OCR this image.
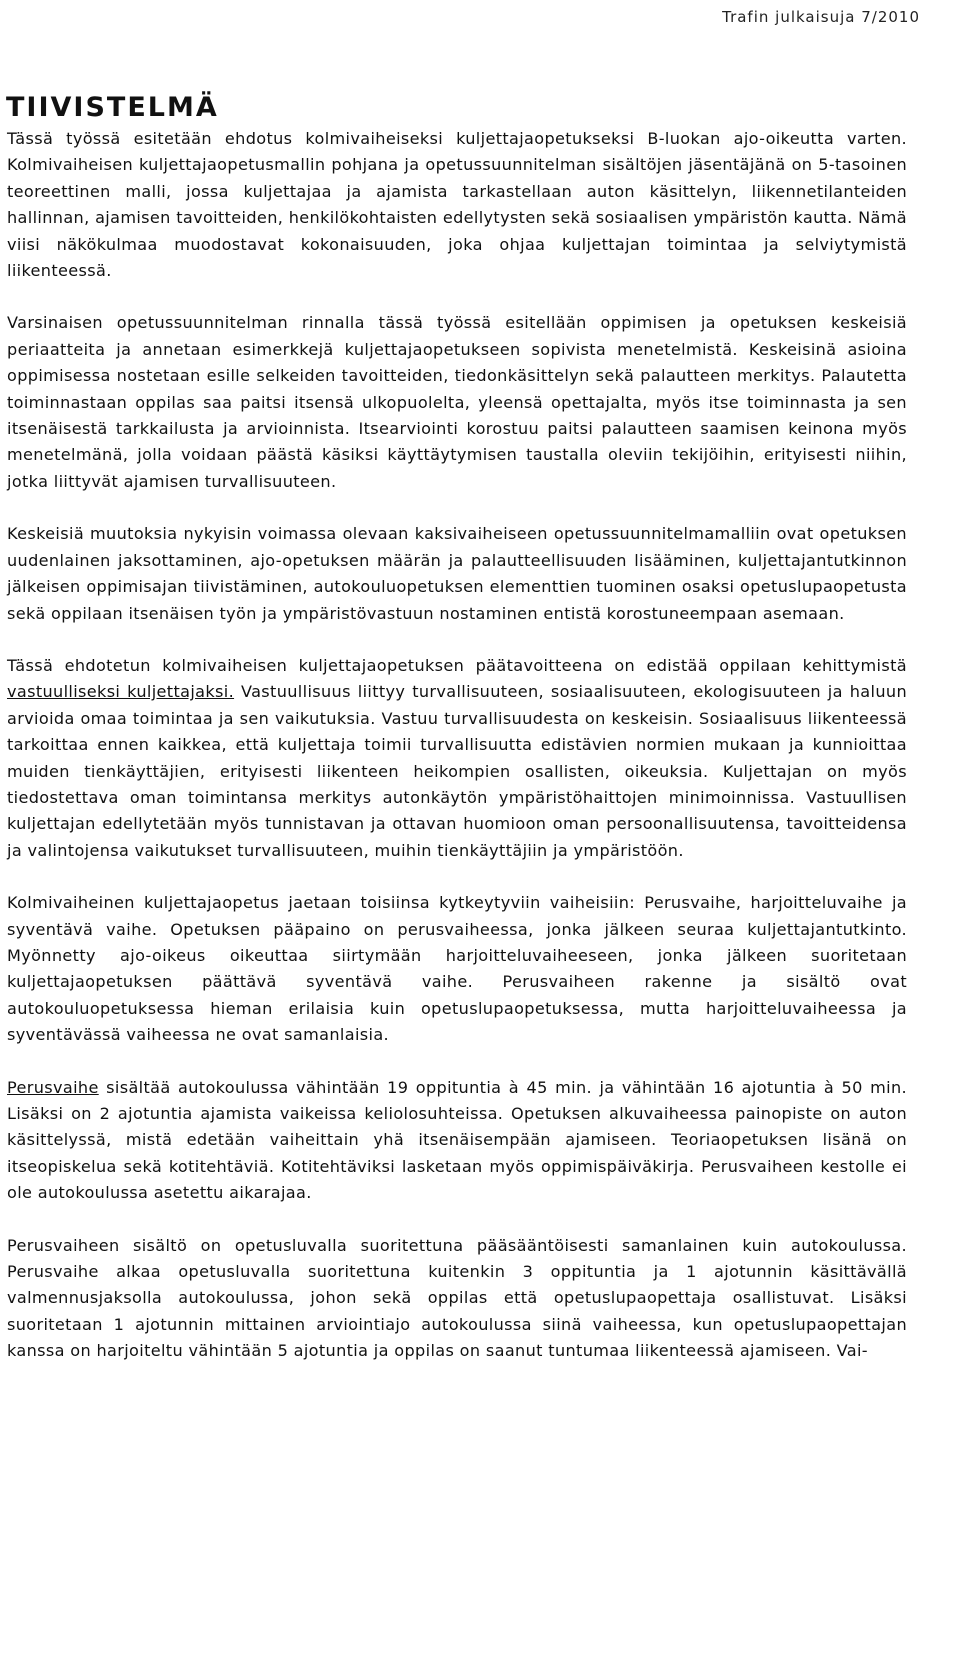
Trafin julkaisuja 7/2010
TIIVISTELMÄ

Tässä työssä esitetään ehdotus kolmivaiheiseksi kuljettajaopetukseksi B-luokan ajo-oikeutta varten. Kolmivaiheisen kuljettajaopetusmallin pohjana ja opetussuunnitelman sisältöjen jäsentäjänä on 5-tasoinen teoreettinen malli, jossa kuljettajaa ja ajamista tarkastellaan auton käsittelyn, liikennetilanteiden hallinnan, ajamisen tavoitteiden, henkilökohtaisten edellytysten sekä sosiaalisen ympäristön kautta. Nämä viisi näkökulmaa muodostavat kokonaisuuden, joka ohjaa kuljettajan toimintaa ja selviytymistä liikenteessä.

Varsinaisen opetussuunnitelman rinnalla tässä työssä esitellään oppimisen ja opetuksen keskeisiä periaatteita ja annetaan esimerkkejä kuljettajaopetukseen sopivista menetelmistä. Keskeisinä asioina oppimisessa nostetaan esille selkeiden tavoitteiden, tiedonkäsittelyn sekä palautteen merkitys. Palautetta toiminnastaan oppilas saa paitsi itsensä ulkopuolelta, yleensä opettajalta, myös itse toiminnasta ja sen itsenäisestä tarkkailusta ja arvioinnista. Itsearviointi korostuu paitsi palautteen saamisen keinona myös menetelmänä, jolla voidaan päästä käsiksi käyttäytymisen taustalla oleviin tekijöihin, erityisesti niihin, jotka liittyvät ajamisen turvallisuuteen.

Keskeisiä muutoksia nykyisin voimassa olevaan kaksivaiheiseen opetussuunnitelmamalliin ovat opetuksen uudenlainen jaksottaminen, ajo-opetuksen määrän ja palautteellisuuden lisääminen, kuljettajantutkinnon jälkeisen oppimisajan tiivistäminen, autokouluopetuksen elementtien tuominen osaksi opetuslupaopetusta sekä oppilaan itsenäisen työn ja ympäristövastuun nostaminen entistä korostuneempaan asemaan.

Tässä ehdotetun kolmivaiheisen kuljettajaopetuksen päätavoitteena on edistää oppilaan kehittymistä vastuulliseksi kuljettajaksi. Vastuullisuus liittyy turvallisuuteen, sosiaalisuuteen, ekologisuuteen ja haluun arvioida omaa toimintaa ja sen vaikutuksia. Vastuu turvallisuudesta on keskeisin. Sosiaalisuus liikenteessä tarkoittaa ennen kaikkea, että kuljettaja toimii turvallisuutta edistävien normien mukaan ja kunnioittaa muiden tienkäyttäjien, erityisesti liikenteen heikompien osallisten, oikeuksia. Kuljettajan on myös tiedostettava oman toimintansa merkitys autonkäytön ympäristöhaittojen minimoinnissa. Vastuullisen kuljettajan edellytetään myös tunnistavan ja ottavan huomioon oman persoonallisuutensa, tavoitteidensa ja valintojensa vaikutukset turvallisuuteen, muihin tienkäyttäjiin ja ympäristöön.

Kolmivaiheinen kuljettajaopetus jaetaan toisiinsa kytkeytyviin vaiheisiin: Perusvaihe, harjoitteluvaihe ja syventävä vaihe. Opetuksen pääpaino on perusvaiheessa, jonka jälkeen seuraa kuljettajantutkinto. Myönnetty ajo-oikeus oikeuttaa siirtymään harjoitteluvaiheeseen, jonka jälkeen suoritetaan kuljettajaopetuksen päättävä syventävä vaihe. Perusvaiheen rakenne ja sisältö ovat autokouluopetuksessa hieman erilaisia kuin opetuslupaopetuksessa, mutta harjoitteluvaiheessa ja syventävässä vaiheessa ne ovat samanlaisia.

Perusvaihe sisältää autokoulussa vähintään 19 oppituntia à 45 min. ja vähintään 16 ajotuntia à 50 min. Lisäksi on 2 ajotuntia ajamista vaikeissa keliolosuhteissa. Opetuksen alkuvaiheessa painopiste on auton käsittelyssä, mistä edetään vaiheittain yhä itsenäisempään ajamiseen. Teoriaopetuksen lisänä on itseopiskelua sekä kotitehtäviä. Kotitehtäviksi lasketaan myös oppimispäiväkirja. Perusvaiheen kestolle ei ole autokoulussa asetettu aikarajaa.

Perusvaiheen sisältö on opetusluvalla suoritettuna pääsääntöisesti samanlainen kuin autokoulussa. Perusvaihe alkaa opetusluvalla suoritettuna kuitenkin 3 oppituntia ja 1 ajotunnin käsittävällä valmennusjaksolla autokoulussa, johon sekä oppilas että opetuslupaopettaja osallistuvat. Lisäksi suoritetaan 1 ajotunnin mittainen arviointiajo autokoulussa siinä vaiheessa, kun opetuslupaopettajan kanssa on harjoiteltu vähintään 5 ajotuntia ja oppilas on saanut tuntumaa liikenteessä ajamiseen. Vai-
